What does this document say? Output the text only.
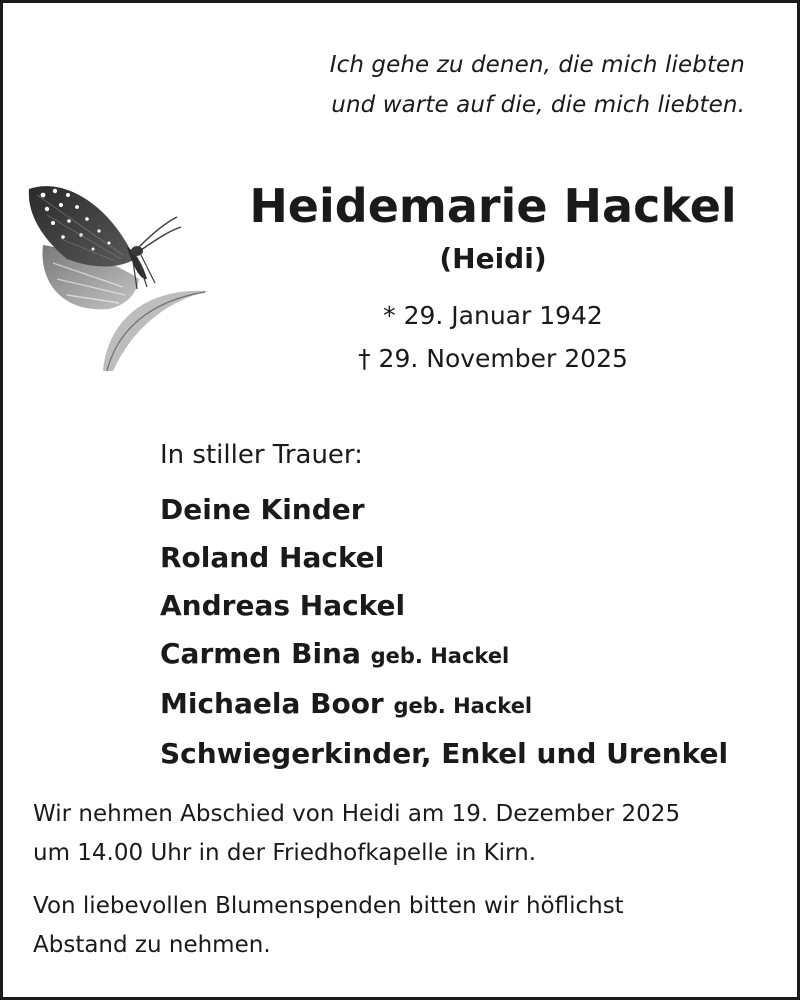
Ich gehe zu denen, die mich liebten
und warte auf die, die mich liebten.
Heidemarie Hackel
(Heidi)
* 29. Januar 1942
† 29. November 2025
In stiller Trauer:
Deine Kinder
Roland Hackel
Andreas Hackel
Carmen Bina geb. Hackel
Michaela Boor geb. Hackel
Schwiegerkinder, Enkel und Urenkel
Wir nehmen Abschied von Heidi am 19. Dezember 2025
um 14.00 Uhr in der Friedhofkapelle in Kirn.
Von liebevollen Blumenspenden bitten wir höflichst
Abstand zu nehmen.
